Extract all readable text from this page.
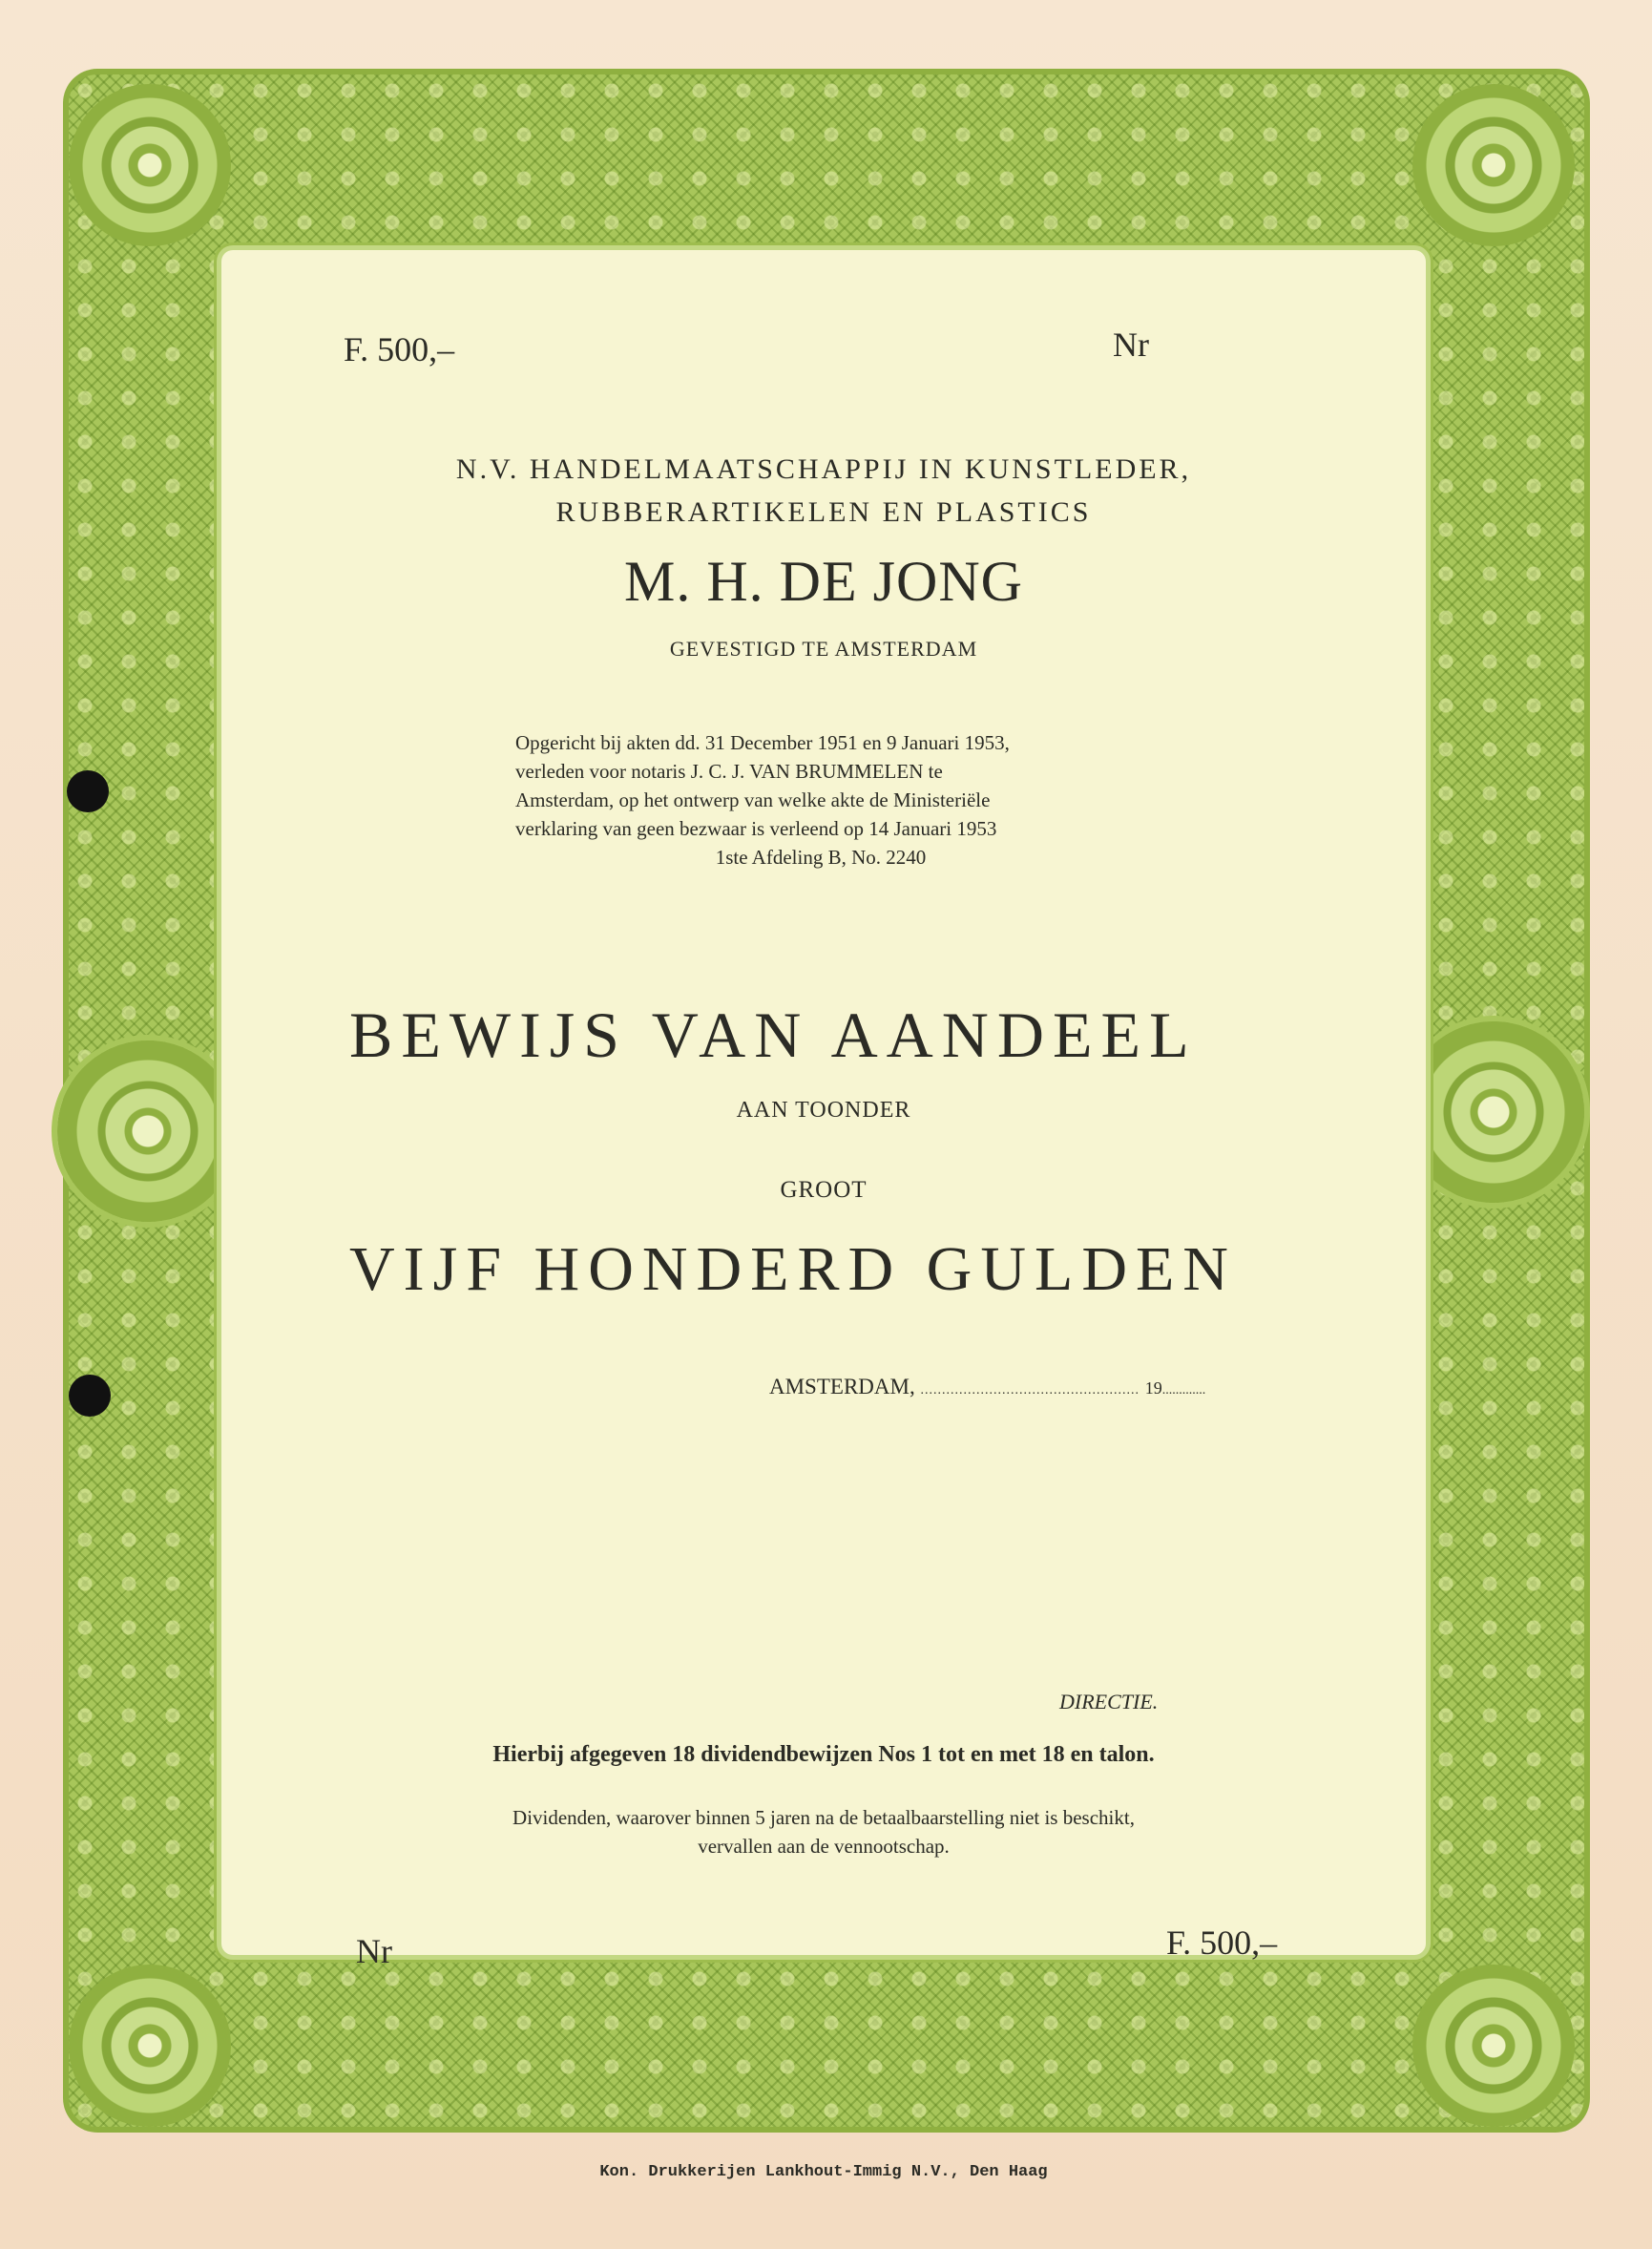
F. 500,–	Nr

N.V. HANDELMAATSCHAPPIJ IN KUNSTLEDER,

RUBBERARTIKELEN EN PLASTICS

M. H. DE JONG

GEVESTIGD TE AMSTERDAM

Opgericht bij akten dd. 31 December 1951 en 9 Januari 1953,

verleden voor notaris J. C. J. VAN BRUMMELEN te

Amsterdam, op het ontwerp van welke akte de Ministeriële

verklaring van geen bezwaar is verleend op 14 Januari 1953

1ste Afdeling B, No. 2240

BEWIJS VAN AANDEEL

AAN TOONDER

GROOT

VIJF HONDERD GULDEN

AMSTERDAM, ................................................... 19.............

DIRECTIE.

Hierbij afgegeven 18 dividendbewijzen Nos 1 tot en met 18 en talon.

Dividenden, waarover binnen 5 jaren na de betaalbaarstelling niet is beschikt,

vervallen aan de vennootschap.

Nr	F. 500,–

Kon. Drukkerijen Lankhout-Immig N.V., Den Haag
